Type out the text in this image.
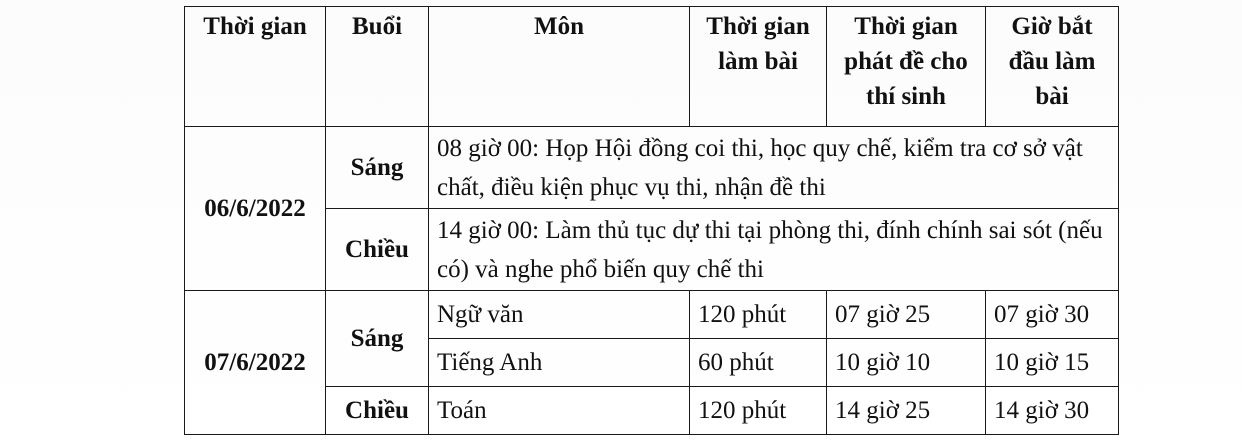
Thời gian	Buổi	Môn	Thời gian làm bài	Thời gian phát đề cho thí sinh	Giờ bắt đầu làm bài
06/6/2022	Sáng	08 giờ 00: Họp Hội đồng coi thi, học quy chế, kiểm tra cơ sở vật chất, điều kiện phục vụ thi, nhận đề thi			
	Chiều	14 giờ 00: Làm thủ tục dự thi tại phòng thi, đính chính sai sót (nếu có) và nghe phổ biến quy chế thi			
07/6/2022	Sáng	Ngữ văn	120 phút	07 giờ 25	07 giờ 30
		Tiếng Anh	60 phút	10 giờ 10	10 giờ 15
	Chiều	Toán	120 phút	14 giờ 25	14 giờ 30
